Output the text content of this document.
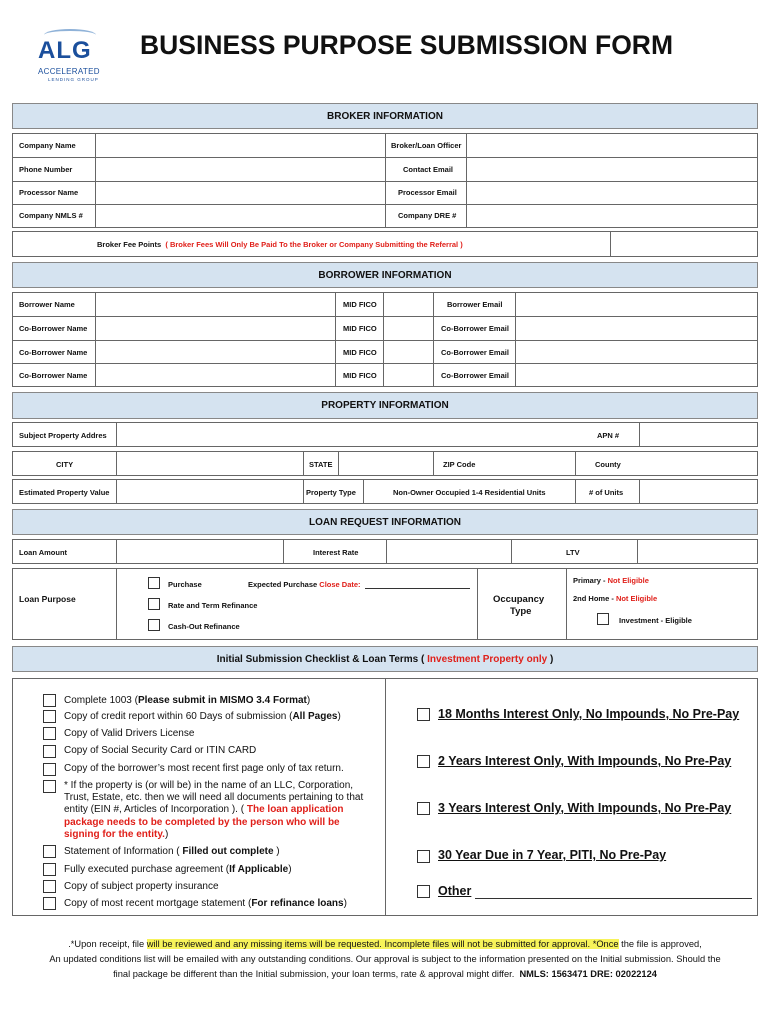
ALG
ACCELERATED
LENDING GROUP
BUSINESS PURPOSE SUBMISSION FORM
BROKER INFORMATION
Company Name	Broker/Loan Officer
Phone Number	Contact Email
Processor Name	Processor Email
Company NMLS #	Company DRE #
Broker Fee Points ( Broker Fees Will Only Be Paid To the Broker or Company Submitting the Referral )
BORROWER INFORMATION
Borrower Name	MID FICO	Borrower Email
Co-Borrower Name	MID FICO	Co-Borrower Email
Co-Borrower Name	MID FICO	Co-Borrower Email
Co-Borrower Name	MID FICO	Co-Borrower Email
PROPERTY INFORMATION
Subject Property Addres	APN #
CITY	STATE	ZIP Code	County
Estimated Property Value	Property Type	Non-Owner Occupied 1-4 Residential Units	# of Units
LOAN REQUEST INFORMATION
Loan Amount	Interest Rate	LTV
Loan Purpose
Purchase	Expected Purchase Close Date:
Rate and Term Refinance
Cash-Out Refinance
Occupancy
Type
Primary - Not Eligible
2nd Home - Not Eligible
Investment - Eligible
Initial Submission Checklist & Loan Terms (
Investment Property only
)
Complete 1003 (Please submit in MISMO 3.4 Format)
Copy of credit report within 60 Days of submission (All Pages)
Copy of Valid Drivers License
Copy of Social Security Card or ITIN CARD
Copy of the borrower’s most recent first page only of tax return.
* If the property is (or will be) in the name of an LLC, Corporation,
Trust, Estate, etc. then we will need all documents pertaining to that
entity (EIN #, Articles of Incorporation ). ( The loan application
package needs to be completed by the person who will be
signing for the entity.)
Statement of Information ( Filled out complete )
Fully executed purchase agreement (If Applicable)
Copy of subject property insurance
Copy of most recent mortgage statement (For refinance loans)
18 Months Interest Only, No Impounds, No Pre-Pay
2 Years Interest Only, With Impounds, No Pre-Pay
3 Years Interest Only, With Impounds, No Pre-Pay
30 Year Due in 7 Year, PITI, No Pre-Pay
Other
.*Upon receipt, file will be reviewed and any missing items will be requested. Incomplete files will not be submitted for approval. *Once the file is approved,
An updated conditions list will be emailed with any outstanding conditions. Our approval is subject to the information presented on the Initial submission. Should the
final package be different than the Initial submission, your loan terms, rate & approval might differ. NMLS: 1563471 DRE: 02022124
